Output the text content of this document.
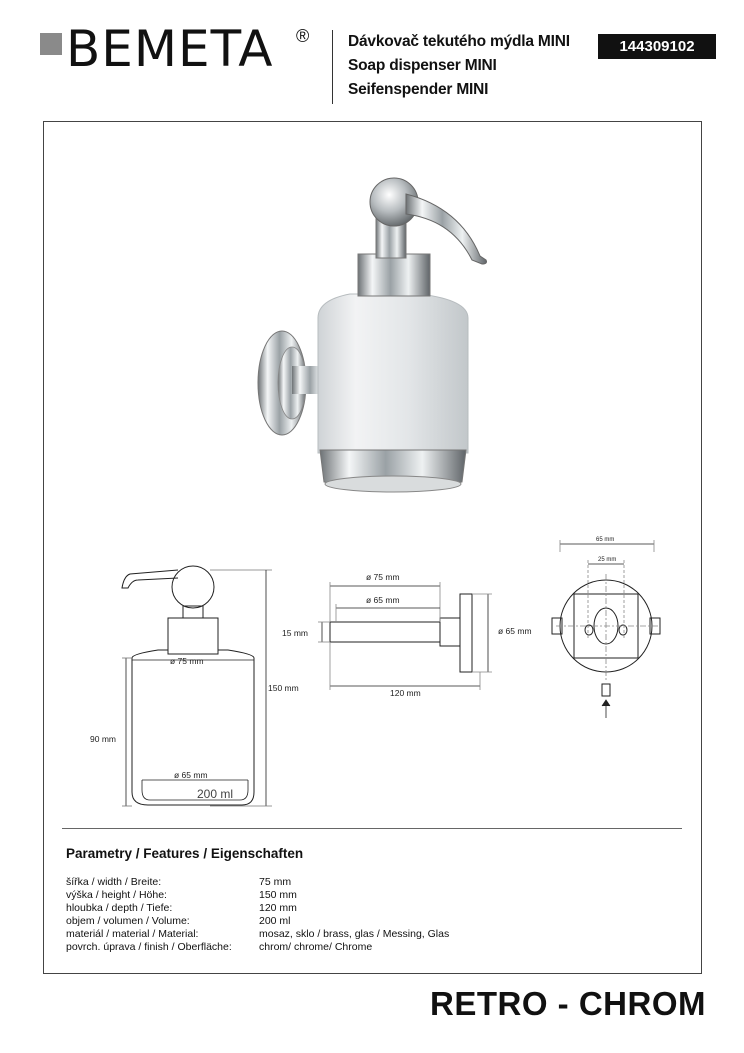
BEMETA ® Dávkovač tekutého mýdla MINI
Soap dispenser MINI
Seifenspender MINI
144309102
ø 75 mm
ø 65 mm
150 mm
90 mm
200 ml
ø 75 mm
ø 65 mm
15 mm	ø 65 mm
120 mm
65 mm
25 mm
Parametry / Features / Eigenschaften
šířka / width / Breite:	75 mm
výška / height / Höhe:	150 mm
hloubka / depth / Tiefe:	120 mm
objem / volumen / Volume:	200 ml
materiál / material / Material:	mosaz, sklo / brass, glas / Messing, Glas
povrch. úprava / finish / Oberfläche:	chrom/ chrome/ Chrome
RETRO - CHROM
